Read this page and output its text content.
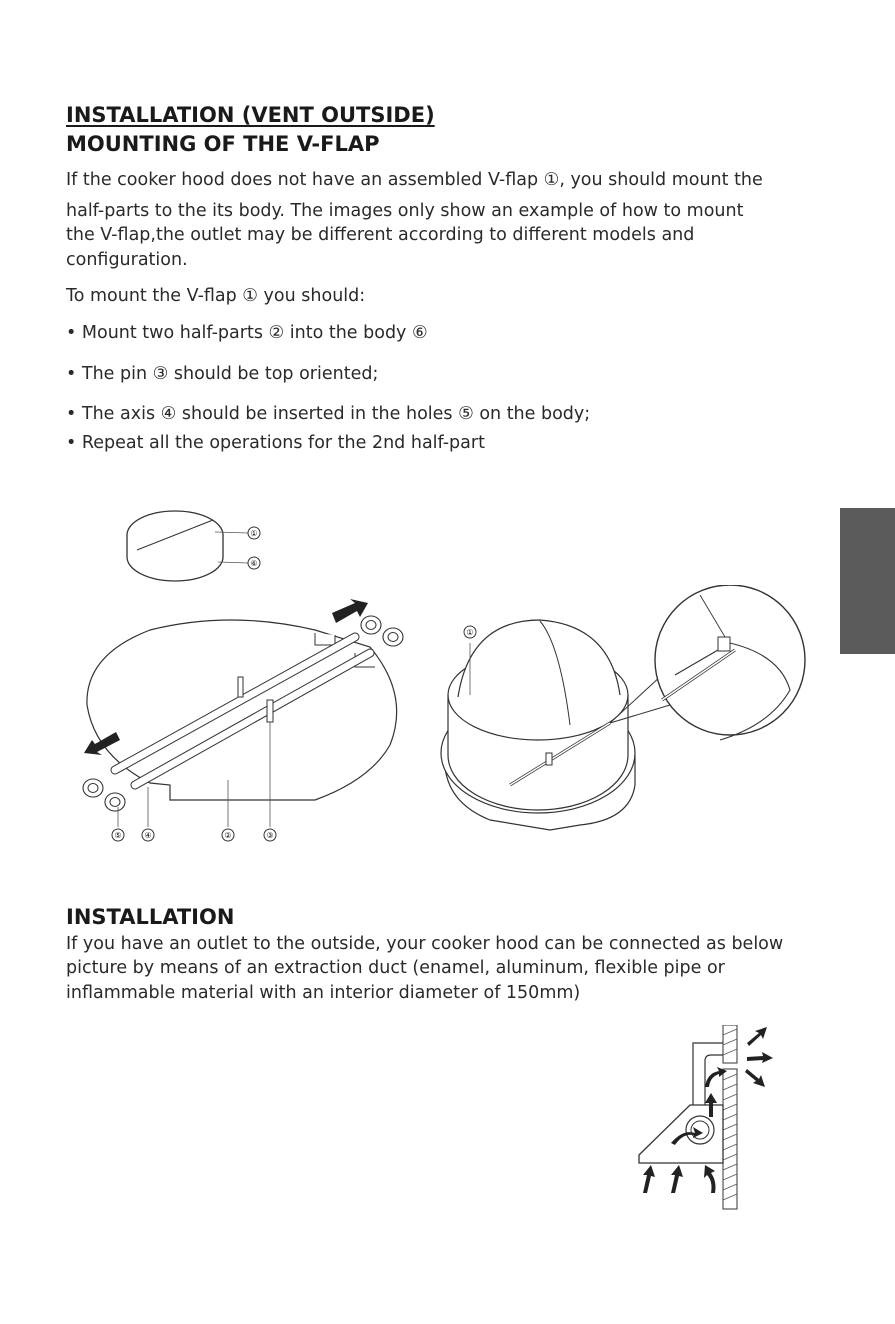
INSTALLATION (VENT OUTSIDE)
MOUNTING OF THE V-FLAP

If the cooker hood does not have an assembled V-flap ①, you should mount the

half-parts to the its body. The images only show an example of how to mount

the V-flap,the outlet may be different according to different models and

configuration.

To mount the V-flap ① you should:

• Mount two half-parts ② into the body ⑥

• The pin ③ should be top oriented;

• The axis ④ should be inserted in the holes ⑤ on the body;

• Repeat all the operations for the 2nd half-part

①
⑥
⑤	④	②	③
①
INSTALLATION

If you have an outlet to the outside, your cooker hood can be connected as below

picture by means of an extraction duct (enamel, aluminum, flexible pipe or

inflammable material with an interior diameter of 150mm)
